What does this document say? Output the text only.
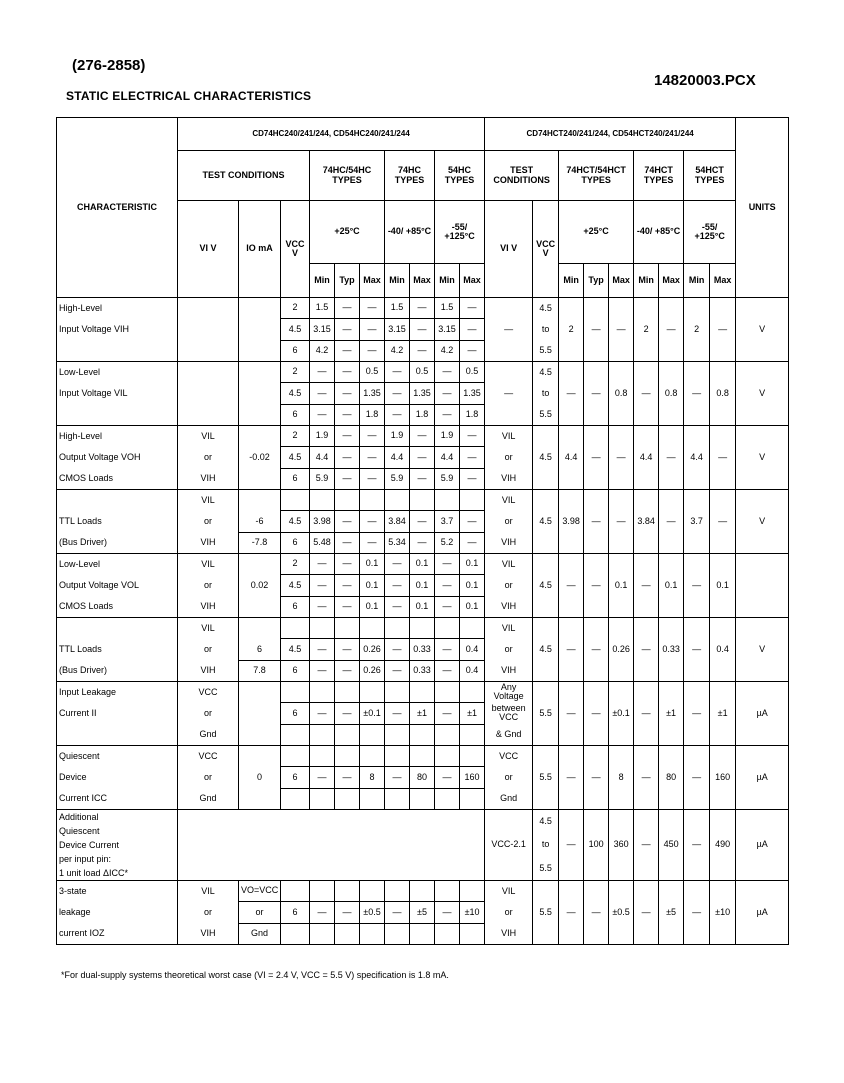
(276-2858)
14820003.PCX
STATIC ELECTRICAL CHARACTERISTICS
CHARACTERISTIC	CD74HC240/241/244, CD54HC240/241/244										CD74HCT240/241/244, CD54HCT240/241/244									UNITS
	TEST CONDITIONS			74HC/54HC TYPES			74HC TYPES		54HC TYPES		TEST CONDITIONS		74HCT/54HCT TYPES			74HCT TYPES		54HCT TYPES		
	VI V	IO mA	VCC V	+25°C			-40/ +85°C		-55/ +125°C		VI V	VCC V	+25°C			-40/ +85°C		-55/ +125°C		
				Min	Typ	Max	Min	Max	Min	Max			Min	Typ	Max	Min	Max	Min	Max	

High-Level
Input Voltage VIH			2	1.5	—	—	1.5	—	1.5	—		4.5	2	—	—	2	—	2	—	V
			4.5	3.15	—	—	3.15	—	3.15	—	—	to								
			6	4.2	—	—	4.2	—	4.2	—		5.5								

Low-Level
Input Voltage VIL			2	—	—	0.5	—	0.5	—	0.5		4.5	—	—	0.8	—	0.8	—	0.8	V
			4.5	—	—	1.35	—	1.35	—	1.35	—	to								
			6	—	—	1.8	—	1.8	—	1.8		5.5								

High-Level
Output Voltage VOH
CMOS Loads	VIL		2	1.9	—	—	1.9	—	1.9	—	VIL		4.4	—	—	4.4	—	4.4	—	V
	or	-0.02	4.5	4.4	—	—	4.4	—	4.4	—	or	4.5								
	VIH		6	5.9	—	—	5.9	—	5.9	—	VIH									

TTL Loads
(Bus Driver)	VIL										VIL		3.98	—	—	3.84	—	3.7	—	V
	or	-6	4.5	3.98	—	—	3.84	—	3.7	—	or	4.5								
	VIH	-7.8	6	5.48	—	—	5.34	—	5.2	—	VIH									

Low-Level
Output Voltage VOL
CMOS Loads	VIL		2	—	—	0.1	—	0.1	—	0.1	VIL		—	—	0.1	—	0.1	—	0.1	
	or	0.02	4.5	—	—	0.1	—	0.1	—	0.1	or	4.5								
	VIH		6	—	—	0.1	—	0.1	—	0.1	VIH									

TTL Loads
(Bus Driver)	VIL										VIL		—	—	0.26	—	0.33	—	0.4	V
	or	6	4.5	—	—	0.26	—	0.33	—	0.4	or	4.5								
	VIH	7.8	6	—	—	0.26	—	0.33	—	0.4	VIH									

Input Leakage
Current II	VCC										Any Voltage		—	—	±0.1	—	±1	—	±1	µA
	or		6	—	—	±0.1	—	±1	—	±1	between VCC	5.5								
	Gnd										& Gnd									

Quiescent
Device
Current ICC	VCC										VCC		—	—	8	—	80	—	160	µA
	or	0	6	—	—	8	—	80	—	160	or	5.5								
	Gnd										Gnd									

Additional
Quiescent
Device Current
per input pin:
1 unit load ΔICC*											VCC-2.1	4.5	—	100	360	—	450	—	490	µA
												to								
												5.5								

3-state
leakage
current IOZ	VIL	VO=VCC									VIL		—	—	±0.5	—	±5	—	±10	µA
	or	or	6	—	—	±0.5	—	±5	—	±10	or	5.5								
	VIH	Gnd									VIH									
*For dual-supply systems theoretical worst case (VI = 2.4 V, VCC = 5.5 V) specification is 1.8 mA.
